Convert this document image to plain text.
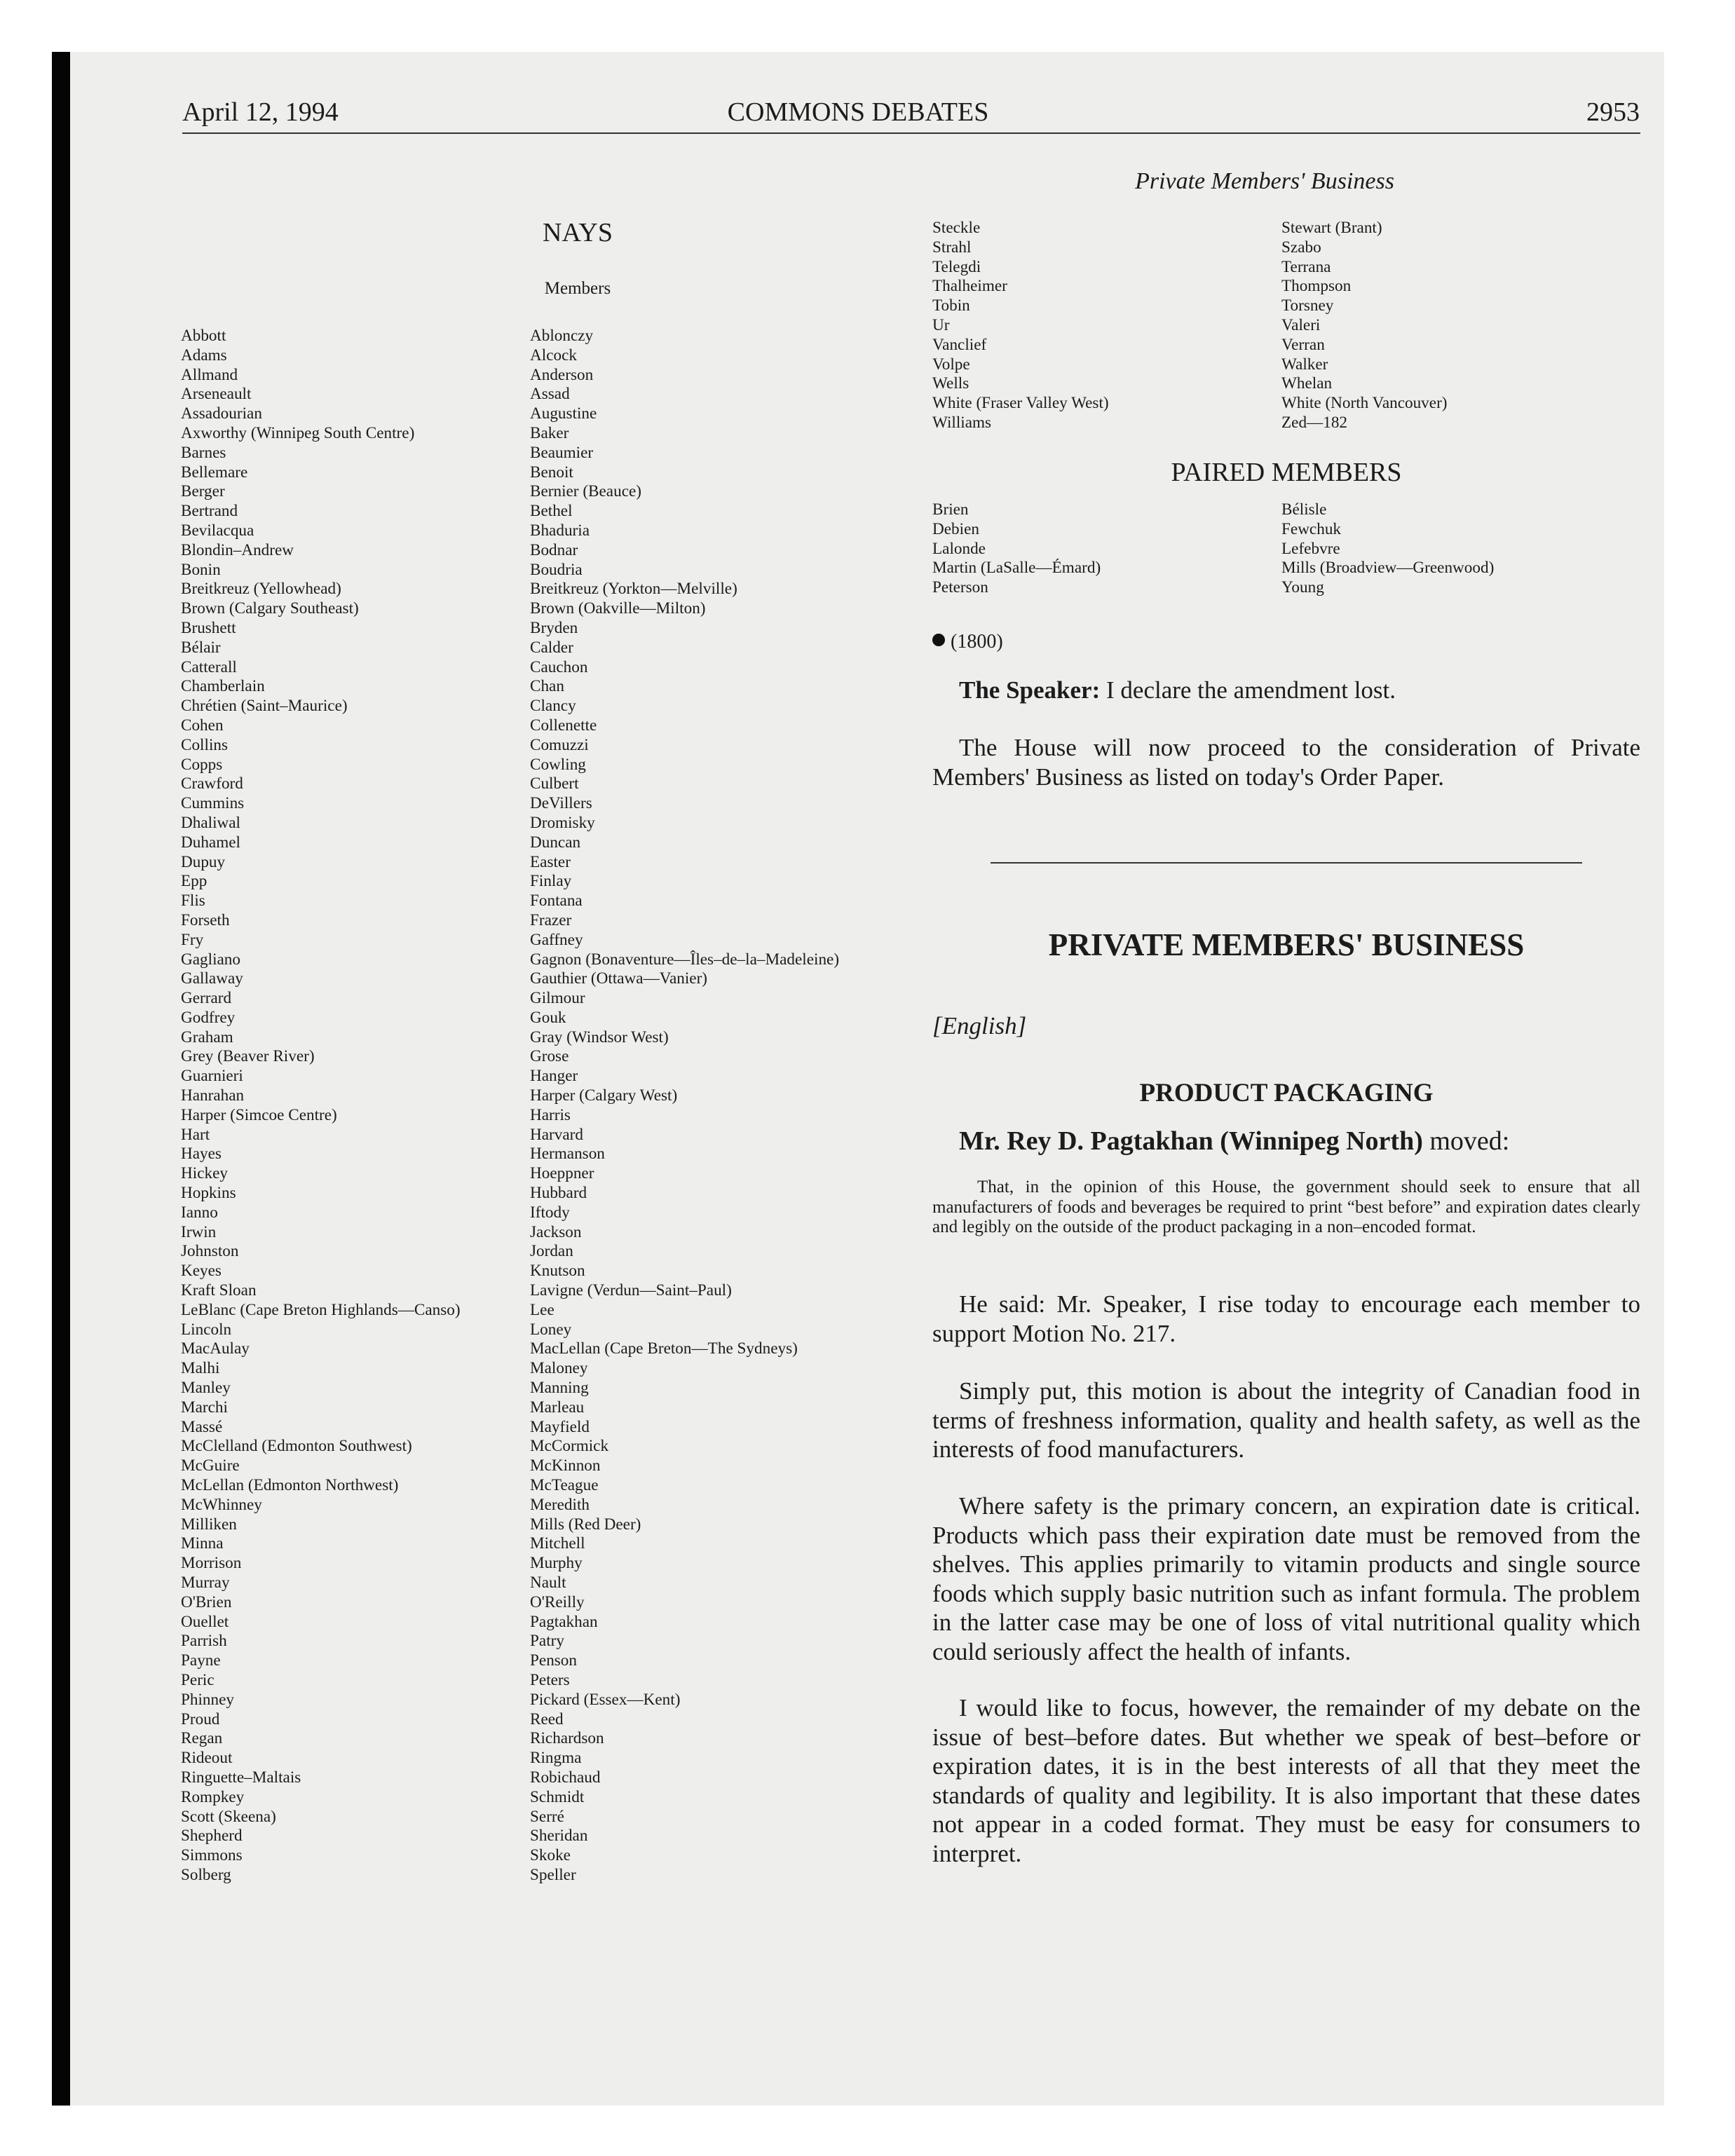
April 12, 1994	COMMONS DEBATES	2953
NAYS
Members
Abbott
Adams
Allmand
Arseneault
Assadourian
Axworthy (Winnipeg South Centre)
Barnes
Bellemare
Berger
Bertrand
Bevilacqua
Blondin–Andrew
Bonin
Breitkreuz (Yellowhead)
Brown (Calgary Southeast)
Brushett
Bélair
Catterall
Chamberlain
Chrétien (Saint–Maurice)
Cohen
Collins
Copps
Crawford
Cummins
Dhaliwal
Duhamel
Dupuy
Epp
Flis
Forseth
Fry
Gagliano
Gallaway
Gerrard
Godfrey
Graham
Grey (Beaver River)
Guarnieri
Hanrahan
Harper (Simcoe Centre)
Hart
Hayes
Hickey
Hopkins
Ianno
Irwin
Johnston
Keyes
Kraft Sloan
LeBlanc (Cape Breton Highlands—Canso)
Lincoln
MacAulay
Malhi
Manley
Marchi
Massé
McClelland (Edmonton Southwest)
McGuire
McLellan (Edmonton Northwest)
McWhinney
Milliken
Minna
Morrison
Murray
O'Brien
Ouellet
Parrish
Payne
Peric
Phinney
Proud
Regan
Rideout
Ringuette–Maltais
Rompkey
Scott (Skeena)
Shepherd
Simmons
Solberg
Ablonczy
Alcock
Anderson
Assad
Augustine
Baker
Beaumier
Benoit
Bernier (Beauce)
Bethel
Bhaduria
Bodnar
Boudria
Breitkreuz (Yorkton—Melville)
Brown (Oakville—Milton)
Bryden
Calder
Cauchon
Chan
Clancy
Collenette
Comuzzi
Cowling
Culbert
DeVillers
Dromisky
Duncan
Easter
Finlay
Fontana
Frazer
Gaffney
Gagnon (Bonaventure—Îles–de–la–Madeleine)
Gauthier (Ottawa—Vanier)
Gilmour
Gouk
Gray (Windsor West)
Grose
Hanger
Harper (Calgary West)
Harris
Harvard
Hermanson
Hoeppner
Hubbard
Iftody
Jackson
Jordan
Knutson
Lavigne (Verdun—Saint–Paul)
Lee
Loney
MacLellan (Cape Breton—The Sydneys)
Maloney
Manning
Marleau
Mayfield
McCormick
McKinnon
McTeague
Meredith
Mills (Red Deer)
Mitchell
Murphy
Nault
O'Reilly
Pagtakhan
Patry
Penson
Peters
Pickard (Essex—Kent)
Reed
Richardson
Ringma
Robichaud
Schmidt
Serré
Sheridan
Skoke
Speller
Private Members' Business
Steckle
Strahl
Telegdi
Thalheimer
Tobin
Ur
Vanclief
Volpe
Wells
White (Fraser Valley West)
Williams
Stewart (Brant)
Szabo
Terrana
Thompson
Torsney
Valeri
Verran
Walker
Whelan
White (North Vancouver)
Zed—182
PAIRED MEMBERS
Brien
Debien
Lalonde
Martin (LaSalle—Émard)
Peterson
Bélisle
Fewchuk
Lefebvre
Mills (Broadview—Greenwood)
Young
(1800)
The Speaker: I declare the amendment lost.
The House will now proceed to the consideration of Private Members' Business as listed on today's Order Paper.
PRIVATE MEMBERS' BUSINESS
[English]
PRODUCT PACKAGING
Mr. Rey D. Pagtakhan (Winnipeg North) moved:
That, in the opinion of this House, the government should seek to ensure that all manufacturers of foods and beverages be required to print “best before” and expiration dates clearly and legibly on the outside of the product packaging in a non–encoded format.
He said: Mr. Speaker, I rise today to encourage each member to support Motion No. 217.
Simply put, this motion is about the integrity of Canadian food in terms of freshness information, quality and health safety, as well as the interests of food manufacturers.
Where safety is the primary concern, an expiration date is critical. Products which pass their expiration date must be removed from the shelves. This applies primarily to vitamin products and single source foods which supply basic nutrition such as infant formula. The problem in the latter case may be one of loss of vital nutritional quality which could seriously affect the health of infants.
I would like to focus, however, the remainder of my debate on the issue of best–before dates. But whether we speak of best–before or expiration dates, it is in the best interests of all that they meet the standards of quality and legibility. It is also important that these dates not appear in a coded format. They must be easy for consumers to interpret.
